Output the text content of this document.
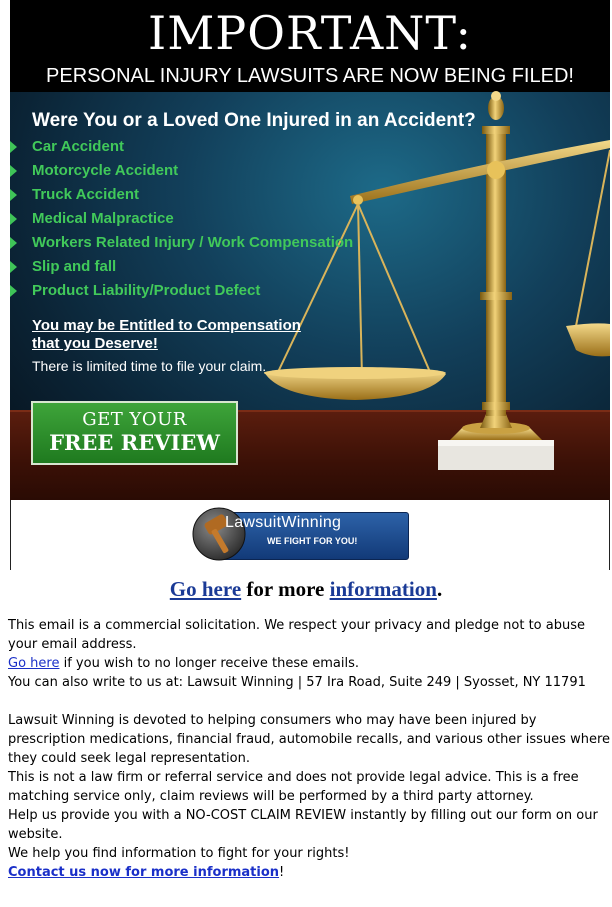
IMPORTANT:
PERSONAL INJURY LAWSUITS ARE NOW BEING FILED!

Were You or a Loved One Injured in an Accident?

Car Accident
Motorcycle Accident
Truck Accident
Medical Malpractice
Workers Related Injury / Work Compensation
Slip and fall
Product Liability/Product Defect
You may be Entitled to Compensation
that you Deserve!
There is limited time to file your claim.
GET YOUR
FREE REVIEW
LawsuitWinning
WE FIGHT FOR YOU!
Go here for more information.

This email is a commercial solicitation. We respect your privacy and pledge not to abuse your email address.

Go here if you wish to no longer receive these emails.

You can also write to us at: Lawsuit Winning | 57 Ira Road, Suite 249 | Syosset, NY 11791

Lawsuit Winning is devoted to helping consumers who may have been injured by prescription medications, financial fraud, automobile recalls, and various other issues where they could seek legal representation.

This is not a law firm or referral service and does not provide legal advice. This is a free matching service only, claim reviews will be performed by a third party attorney.

Help us provide you with a NO-COST CLAIM REVIEW instantly by filling out our form on our website.

We help you find information to fight for your rights!

Contact us now for more information!
